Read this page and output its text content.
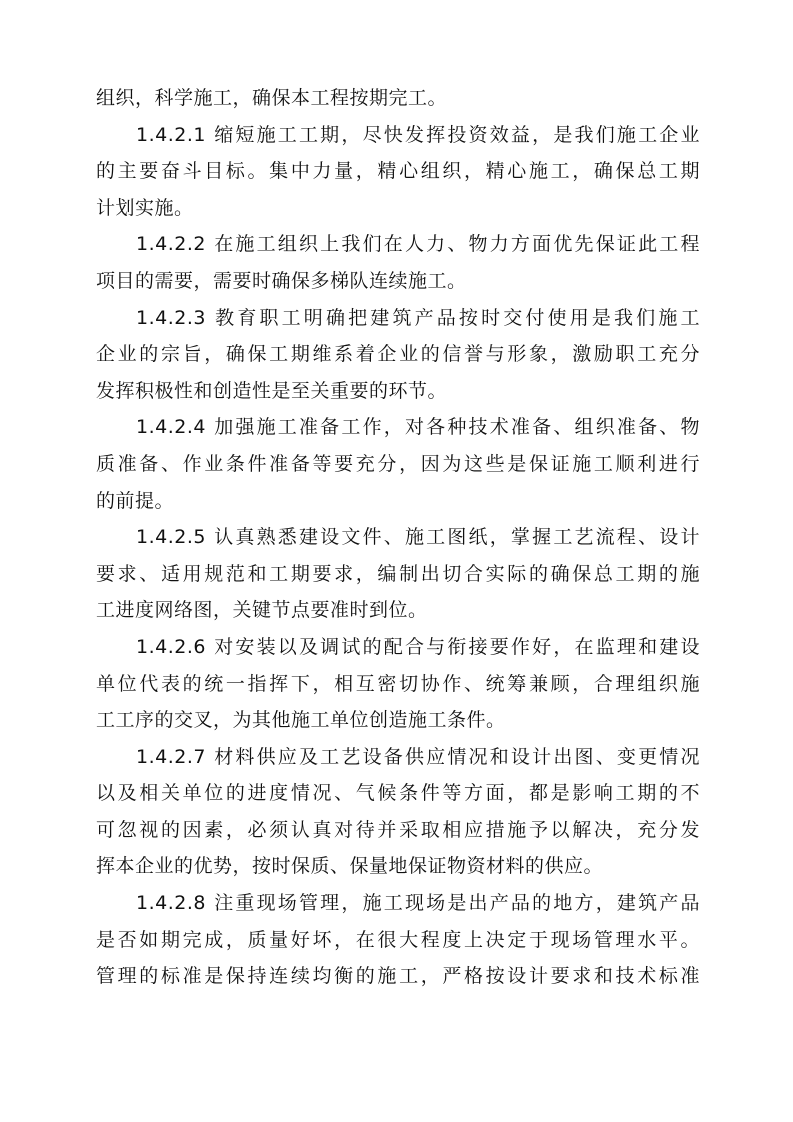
组织，科学施工，确保本工程按期完工。
1.4.2.1 缩短施工工期，尽快发挥投资效益，是我们施工企业
的主要奋斗目标。集中力量，精心组织，精心施工，确保总工期
计划实施。
1.4.2.2 在施工组织上我们在人力、物力方面优先保证此工程
项目的需要，需要时确保多梯队连续施工。
1.4.2.3 教育职工明确把建筑产品按时交付使用是我们施工
企业的宗旨，确保工期维系着企业的信誉与形象，激励职工充分
发挥积极性和创造性是至关重要的环节。
1.4.2.4 加强施工准备工作，对各种技术准备、组织准备、物
质准备、作业条件准备等要充分，因为这些是保证施工顺利进行
的前提。
1.4.2.5 认真熟悉建设文件、施工图纸，掌握工艺流程、设计
要求、适用规范和工期要求，编制出切合实际的确保总工期的施
工进度网络图，关键节点要准时到位。
1.4.2.6 对安装以及调试的配合与衔接要作好，在监理和建设
单位代表的统一指挥下，相互密切协作、统筹兼顾，合理组织施
工工序的交叉，为其他施工单位创造施工条件。
1.4.2.7 材料供应及工艺设备供应情况和设计出图、变更情况
以及相关单位的进度情况、气候条件等方面，都是影响工期的不
可忽视的因素，必须认真对待并采取相应措施予以解决，充分发
挥本企业的优势，按时保质、保量地保证物资材料的供应。
1.4.2.8 注重现场管理，施工现场是出产品的地方，建筑产品
是否如期完成，质量好坏，在很大程度上决定于现场管理水平。
管理的标准是保持连续均衡的施工，严格按设计要求和技术标准
